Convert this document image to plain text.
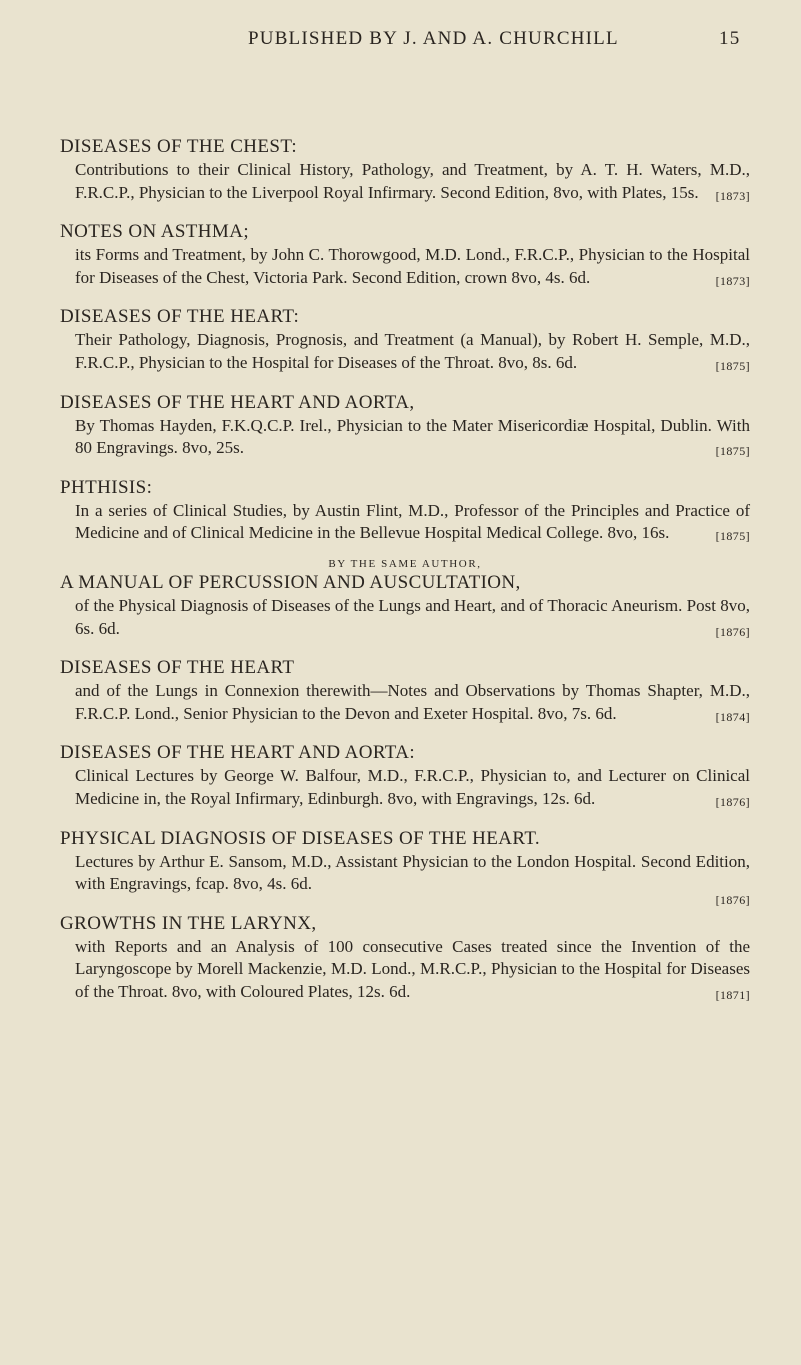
PUBLISHED BY J. AND A. CHURCHILL	15
DISEASES OF THE CHEST:
Contributions to their Clinical History, Pathology, and Treatment, by A. T. H. Waters, M.D., F.R.C.P., Physician to the Liverpool Royal Infirmary. Second Edition, 8vo, with Plates, 15s. [1873]
NOTES ON ASTHMA;
its Forms and Treatment, by John C. Thorowgood, M.D. Lond., F.R.C.P., Physician to the Hospital for Diseases of the Chest, Victoria Park. Second Edition, crown 8vo, 4s. 6d.	[1873]
DISEASES OF THE HEART:
Their Pathology, Diagnosis, Prognosis, and Treatment (a Manual), by Robert H. Semple, M.D., F.R.C.P., Physician to the Hospital for Diseases of the Throat. 8vo, 8s. 6d.	[1875]
DISEASES OF THE HEART AND AORTA,
By Thomas Hayden, F.K.Q.C.P. Irel., Physician to the Mater Misericordiæ Hospital, Dublin. With 80 Engravings. 8vo, 25s.	[1875]
PHTHISIS:
In a series of Clinical Studies, by Austin Flint, M.D., Professor of the Principles and Practice of Medicine and of Clinical Medicine in the Bellevue Hospital Medical College. 8vo, 16s.	[1875]
BY THE SAME AUTHOR,
A MANUAL OF PERCUSSION AND AUSCULTATION,
of the Physical Diagnosis of Diseases of the Lungs and Heart, and of Thoracic Aneurism. Post 8vo, 6s. 6d.	[1876]
DISEASES OF THE HEART
and of the Lungs in Connexion therewith—Notes and Observations by Thomas Shapter, M.D., F.R.C.P. Lond., Senior Physician to the Devon and Exeter Hospital. 8vo, 7s. 6d.	[1874]
DISEASES OF THE HEART AND AORTA:
Clinical Lectures by George W. Balfour, M.D., F.R.C.P., Physician to, and Lecturer on Clinical Medicine in, the Royal Infirmary, Edinburgh. 8vo, with Engravings, 12s. 6d.	[1876]
PHYSICAL DIAGNOSIS OF DISEASES OF THE HEART.
Lectures by Arthur E. Sansom, M.D., Assistant Physician to the London Hospital. Second Edition, with Engravings, fcap. 8vo, 4s. 6d.
[1876]
GROWTHS IN THE LARYNX,
with Reports and an Analysis of 100 consecutive Cases treated since the Invention of the Laryngoscope by Morell Mackenzie, M.D. Lond., M.R.C.P., Physician to the Hospital for Diseases of the Throat. 8vo, with Coloured Plates, 12s. 6d.	[1871]
